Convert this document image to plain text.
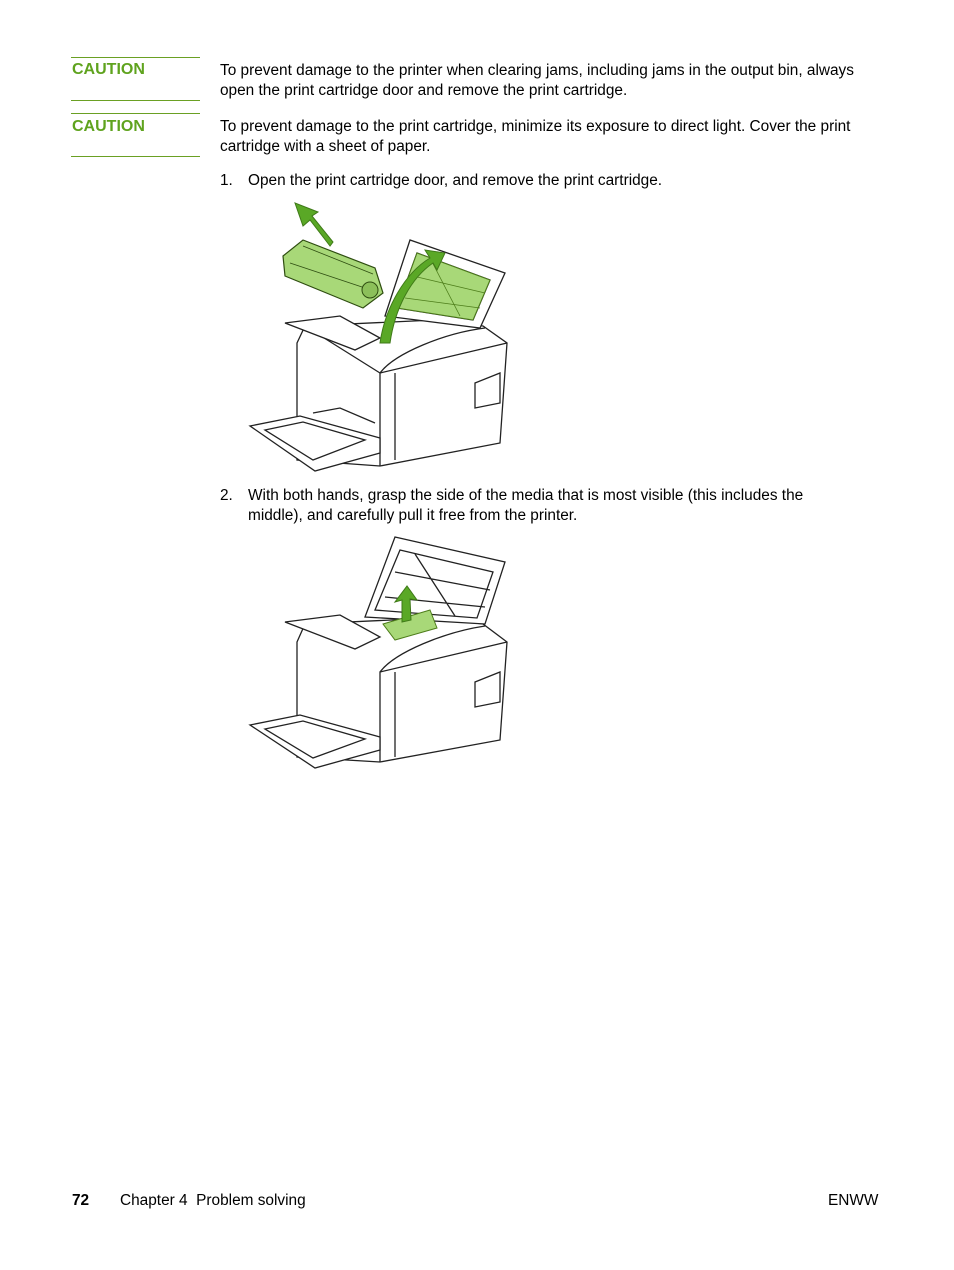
CAUTION	To prevent damage to the printer when clearing jams, including jams in the output bin, always open the print cartridge door and remove the print cartridge.
CAUTION	To prevent damage to the print cartridge, minimize its exposure to direct light. Cover the print cartridge with a sheet of paper.
1. Open the print cartridge door, and remove the print cartridge.
2. With both hands, grasp the side of the media that is most visible (this includes the middle), and carefully pull it free from the printer.
72 Chapter 4  Problem solving	ENWW
